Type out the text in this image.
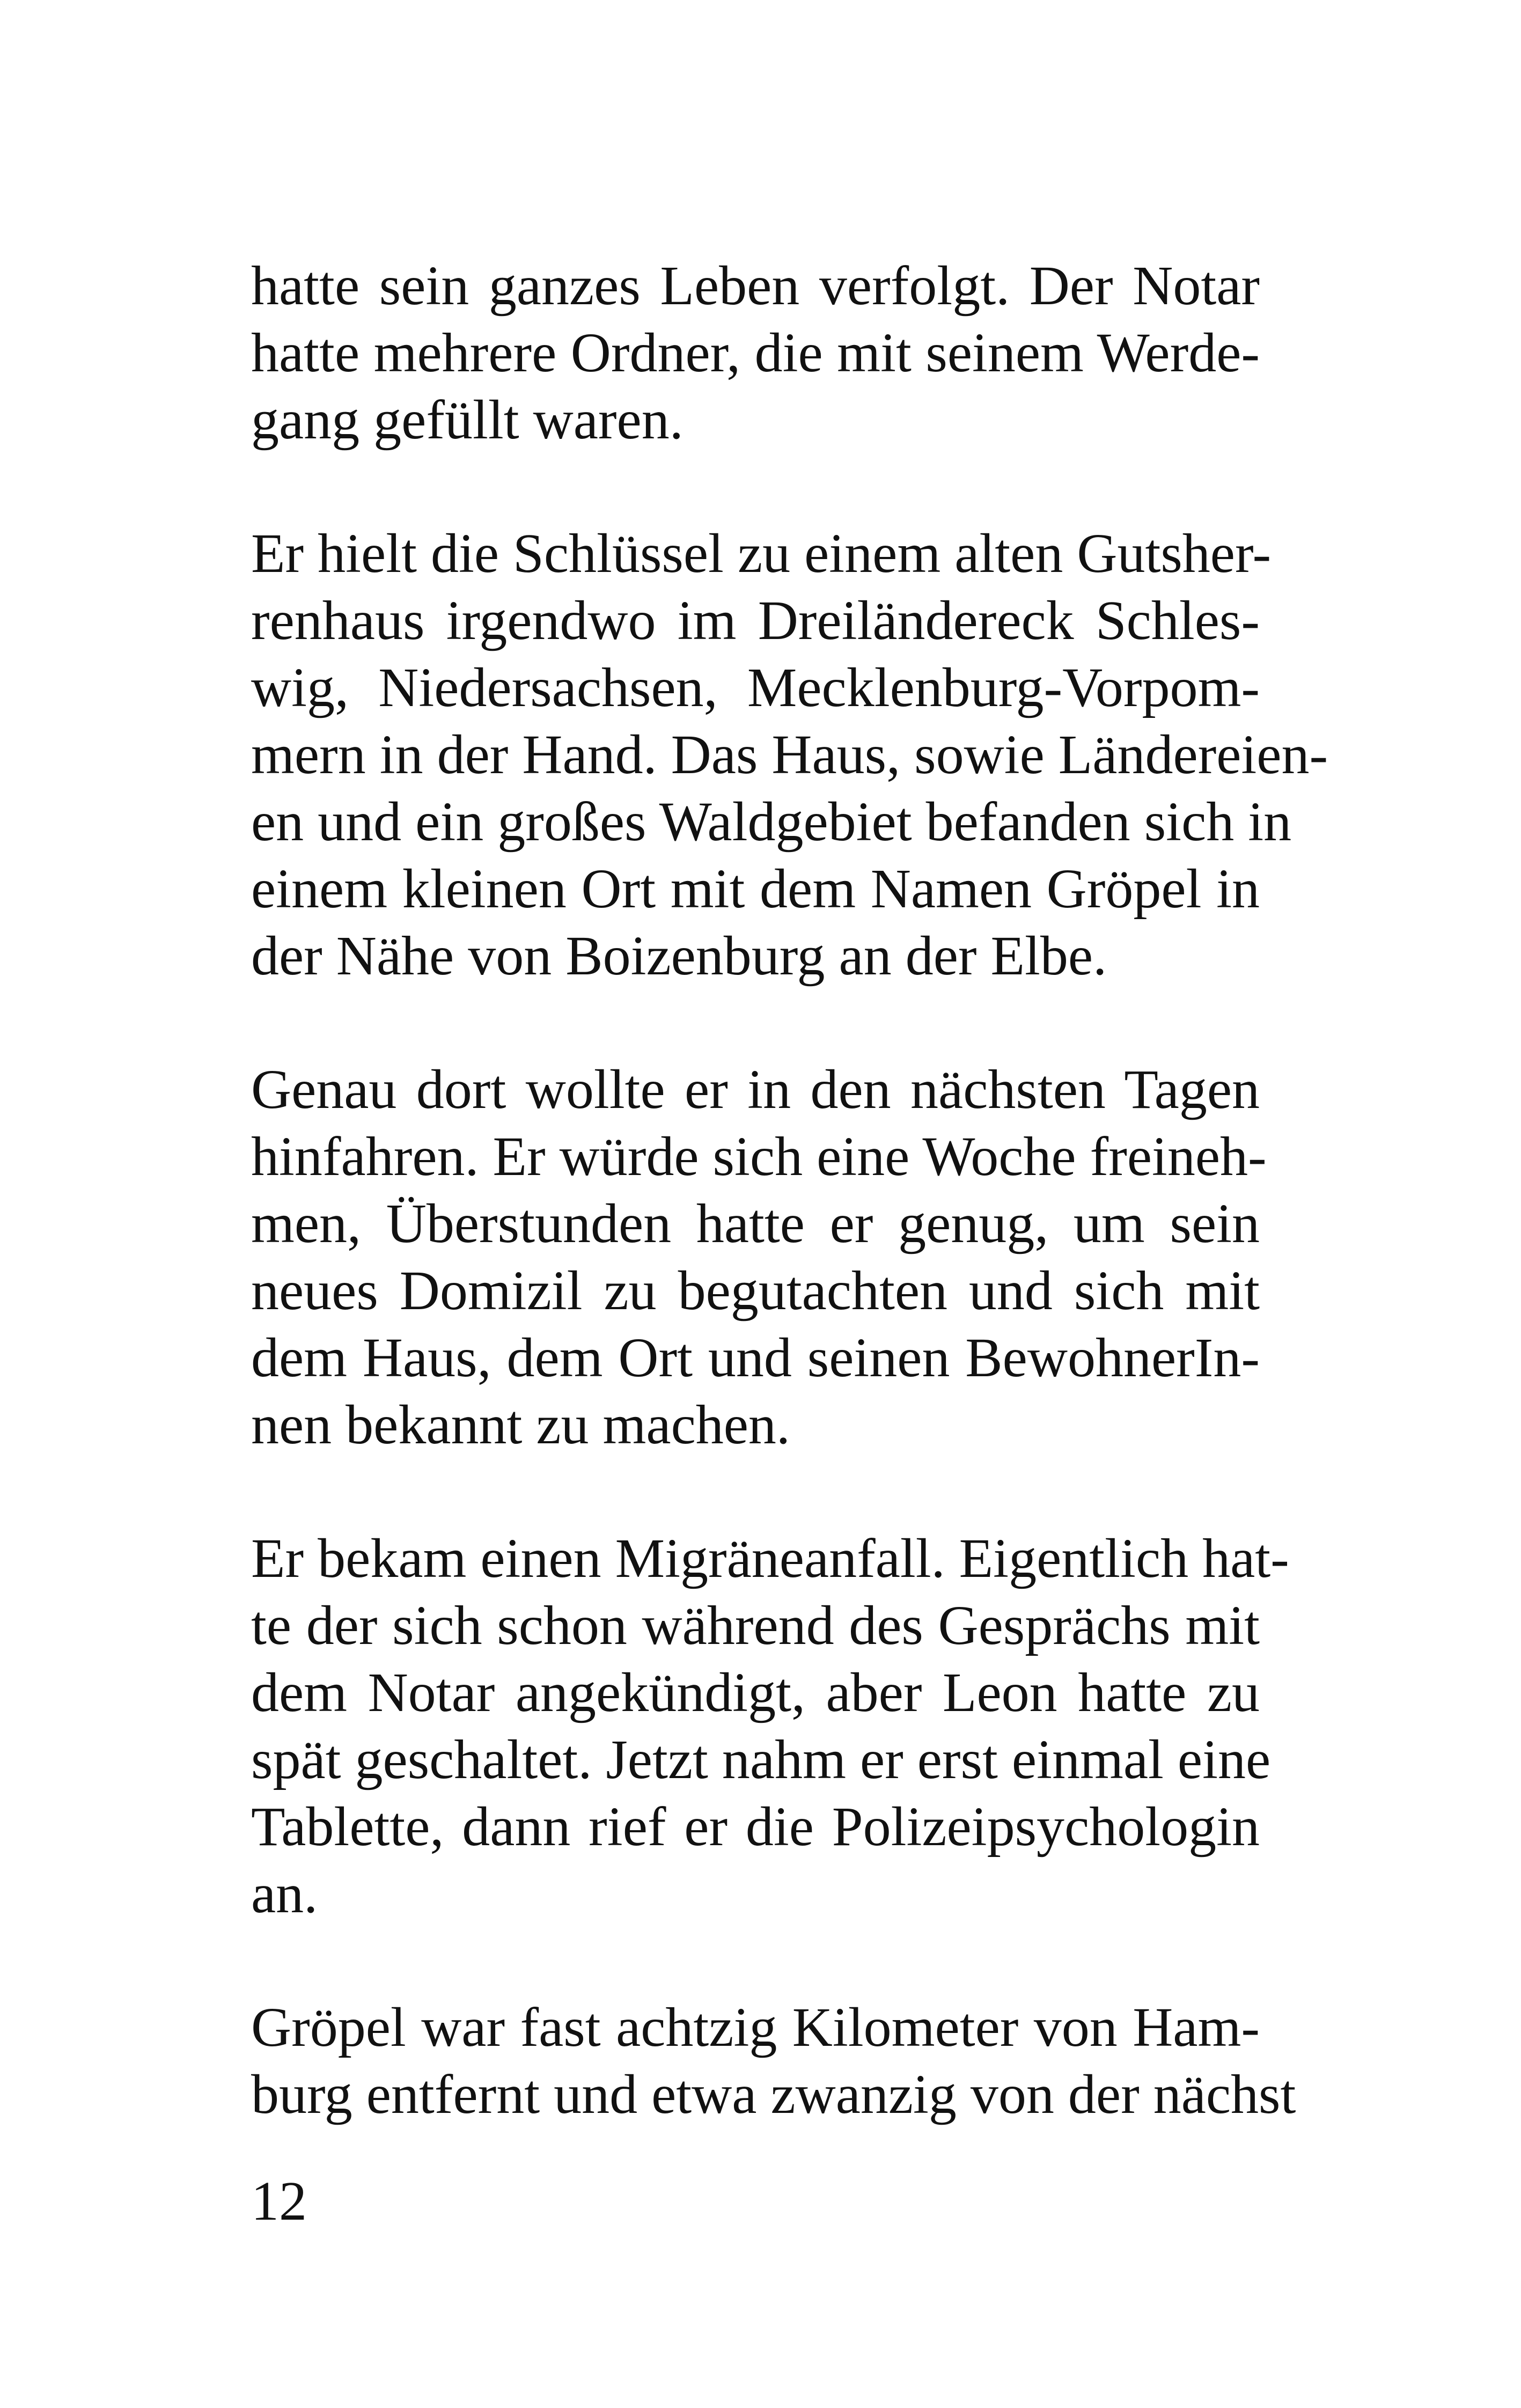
hatte sein ganzes Leben verfolgt. Der Notar
hatte mehrere Ordner, die mit seinem Werde-
gang gefüllt waren.
Er hielt die Schlüssel zu einem alten Gutsher-
renhaus irgendwo im Dreiländereck Schles-
wig, Niedersachsen, Mecklenburg-Vorpom-
mern in der Hand. Das Haus, sowie Ländereien-
en und ein großes Waldgebiet befanden sich in
einem kleinen Ort mit dem Namen Gröpel in
der Nähe von Boizenburg an der Elbe.
Genau dort wollte er in den nächsten Tagen
hinfahren. Er würde sich eine Woche freineh-
men, Überstunden hatte er genug, um sein
neues Domizil zu begutachten und sich mit
dem Haus, dem Ort und seinen BewohnerIn-
nen bekannt zu machen.
Er bekam einen Migräneanfall. Eigentlich hat-
te der sich schon während des Gesprächs mit
dem Notar angekündigt, aber Leon hatte zu
spät geschaltet. Jetzt nahm er erst einmal eine
Tablette, dann rief er die Polizeipsychologin
an.
Gröpel war fast achtzig Kilometer von Ham-
burg entfernt und etwa zwanzig von der nächst
12
